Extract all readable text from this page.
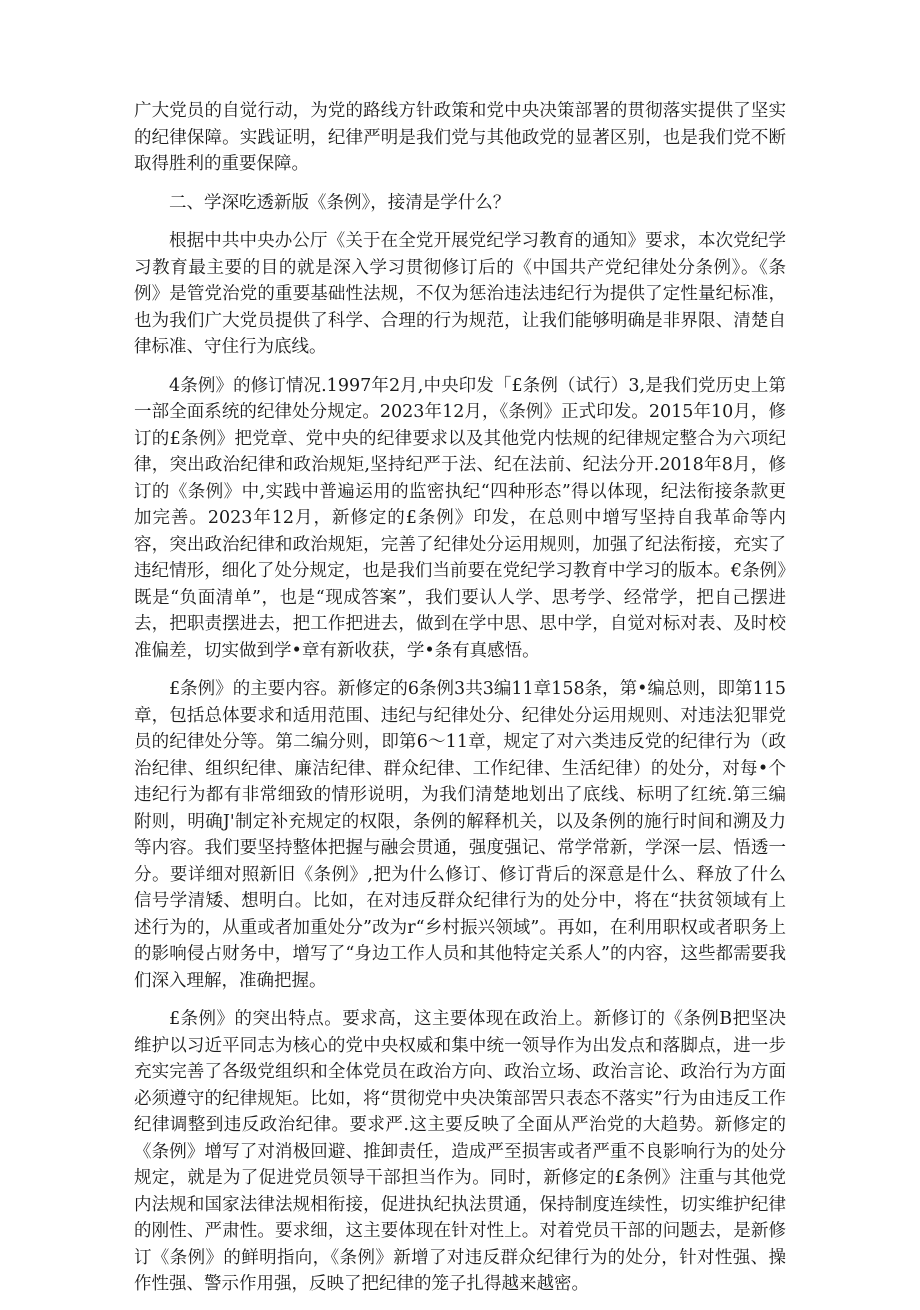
广大党员的自觉行动，为党的路线方针政策和党中央决策部署的贯彻落实提供了坚实的纪律保障。实践证明，纪律严明是我们党与其他政党的显著区别，也是我们党不断取得胜利的重要保障。

二、学深吃透新版《条例》，接清是学什么？

根据中共中央办公厅《关于在全党开展党纪学习教育的通知》要求，本次党纪学习教育最主要的目的就是深入学习贯彻修订后的《中国共产党纪律处分条例》。《条例》是管党治党的重要基础性法规，不仅为惩治违法违纪行为提供了定性量纪标准，也为我们广大党员提供了科学、合理的行为规范，让我们能够明确是非界限、清楚自律标准、守住行为底线。

4条例》的修订情况.1997年2月,中央印发「£条例（试行）3,是我们党历史上第一部全面系统的纪律处分规定。2023年12月，《条例》正式印发。2015年10月，修订的£条例》把党章、党中央的纪律要求以及其他党内怯规的纪律规定整合为六项纪律，突出政治纪律和政治规矩,坚持纪严于法、纪在法前、纪法分开.2018年8月，修订的《条例》中,实践中普遍运用的监密执纪“四种形态”得以体现，纪法衔接条款更加完善。2023年12月，新修定的£条例》印发，在总则中增写坚持自我革命等内容，突出政治纪律和政治规矩，完善了纪律处分运用规则，加强了纪法衔接，充实了违纪情形，细化了处分规定，也是我们当前要在党纪学习教育中学习的版本。€条例》既是“负面清单”，也是“现成答案”，我们要认人学、思考学、经常学，把自己摆进去，把职责摆进去，把工作把进去，做到在学中思、思中学，自觉对标对表、及时校准偏差，切实做到学•章有新收获，学•条有真感悟。

£条例》的主要内容。新修定的6条例3共3编11章158条，第•编总则，即第115章，包括总体要求和适用范围、违纪与纪律处分、纪律处分运用规则、对违法犯罪党员的纪律处分等。第二编分则，即第6～11章，规定了对六类违反党的纪律行为（政治纪律、组织纪律、廉洁纪律、群众纪律、工作纪律、生活纪律）的处分，对每•个违纪行为都有非常细致的情形说明，为我们清楚地划出了底线、标明了红统.第三编附则，明确J'制定补充规定的权限，条例的解释机关，以及条例的施行时间和溯及力等内容。我们要坚持整体把握与融会贯通，强度强记、常学常新，学深一层、悟透一分。要详细对照新旧《条例》,把为什么修订、修订背后的深意是什么、释放了什么信号学清矮、想明白。比如，在对违反群众纪律行为的处分中，将在“扶贫领域有上述行为的，从重或者加重处分”改为r“乡村振兴领域”。再如，在利用职权或者职务上的影响侵占财务中，增写了“身边工作人员和其他特定关系人”的内容，这些都需要我们深入理解，准确把握。

£条例》的突出特点。要求高，这主要体现在政治上。新修订的《条例B把坚决维护以习近平同志为核心的党中央权威和集中统一领导作为出发点和落脚点，进一步充实完善了各级党组织和全体党员在政治方向、政治立场、政治言论、政治行为方面必须遵守的纪律规矩。比如，将“贯彻党中央决策部罟只表态不落实”行为由违反工作纪律调整到违反政治纪律。要求严.这主要反映了全面从严治党的大趋势。新修定的《条例》增写了对消极回避、推卸责任，造成严至损害或者严重不良影响行为的处分规定，就是为了促进党员领导干部担当作为。同时，新修定的£条例》注重与其他党内法规和国家法律法规相衔接，促进执纪执法贯通，保持制度连续性，切实维护纪律的刚性、严肃性。要求细，这主要体现在针对性上。对着党员干部的问题去，是新修订《条例》的鲜明指向，《条例》新增了对违反群众纪律行为的处分，针对性强、操作性强、警示作用强，反映了把纪律的笼子扎得越来越密。
